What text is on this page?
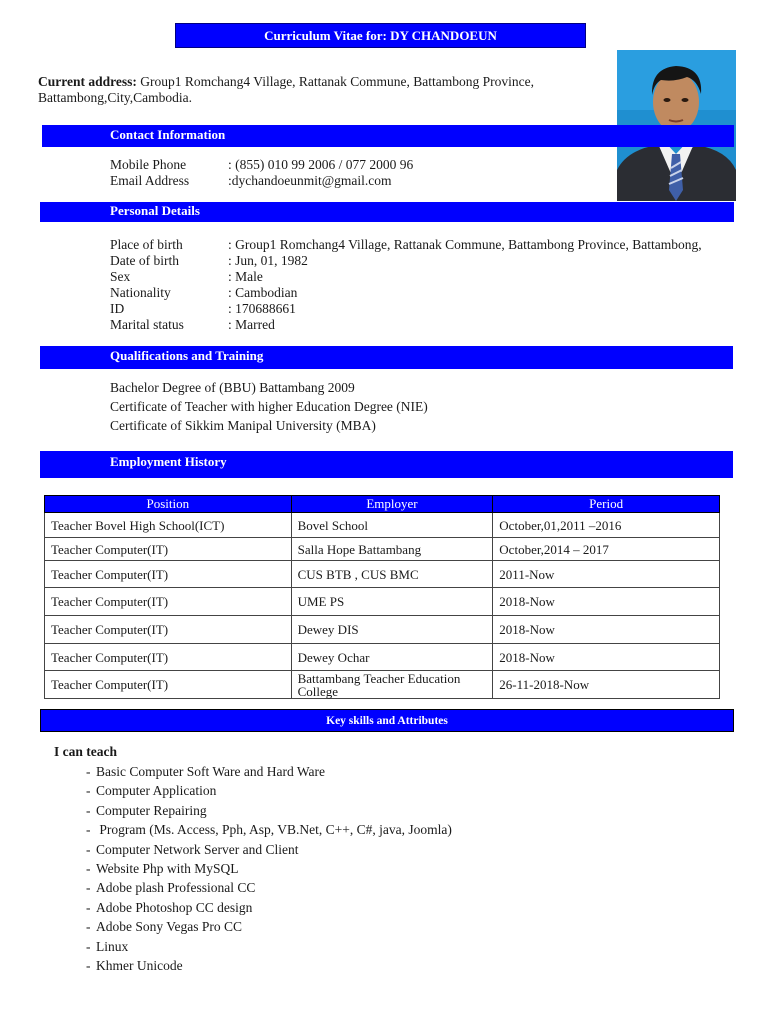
Curriculum Vitae for: DY CHANDOEUN
Current address: Group1 Romchang4 Village, Rattanak Commune, Battambong Province,
Battambong,City,Cambodia.
Contact Information
Mobile Phone	: (855) 010 99 2006 / 077 2000 96
Email Address	:dychandoeunmit@gmail.com
Personal Details
Place of birth	: Group1 Romchang4 Village, Rattanak Commune, Battambong Province, Battambong,
Date of birth	: Jun, 01, 1982
Sex	: Male
Nationality	: Cambodian
ID	: 170688661
Marital status	: Marred
Qualifications and Training
Bachelor Degree of (BBU) Battambang 2009
Certificate of Teacher with higher Education Degree (NIE)
Certificate of Sikkim Manipal University (MBA)
Employment History
Position	Employer	Period
Teacher Bovel High School(ICT)	Bovel School	October,01,2011 –2016
Teacher Computer(IT)	Salla Hope Battambang	October,2014 – 2017
Teacher Computer(IT)	CUS BTB , CUS BMC	2011-Now
Teacher Computer(IT)	UME PS	2018-Now
Teacher Computer(IT)	Dewey DIS	2018-Now
Teacher Computer(IT)	Dewey Ochar	2018-Now
Teacher Computer(IT)	Battambang Teacher Education College	26-11-2018-Now
Key skills and Attributes
I can teach
- Basic Computer Soft Ware and Hard Ware
- Computer Application
- Computer Repairing
- Program (Ms. Access, Pph, Asp, VB.Net, C++, C#, java, Joomla)
- Computer Network Server and Client
- Website Php with MySQL
- Adobe plash Professional CC
- Adobe Photoshop CC design
- Adobe Sony Vegas Pro CC
- Linux
- Khmer Unicode
